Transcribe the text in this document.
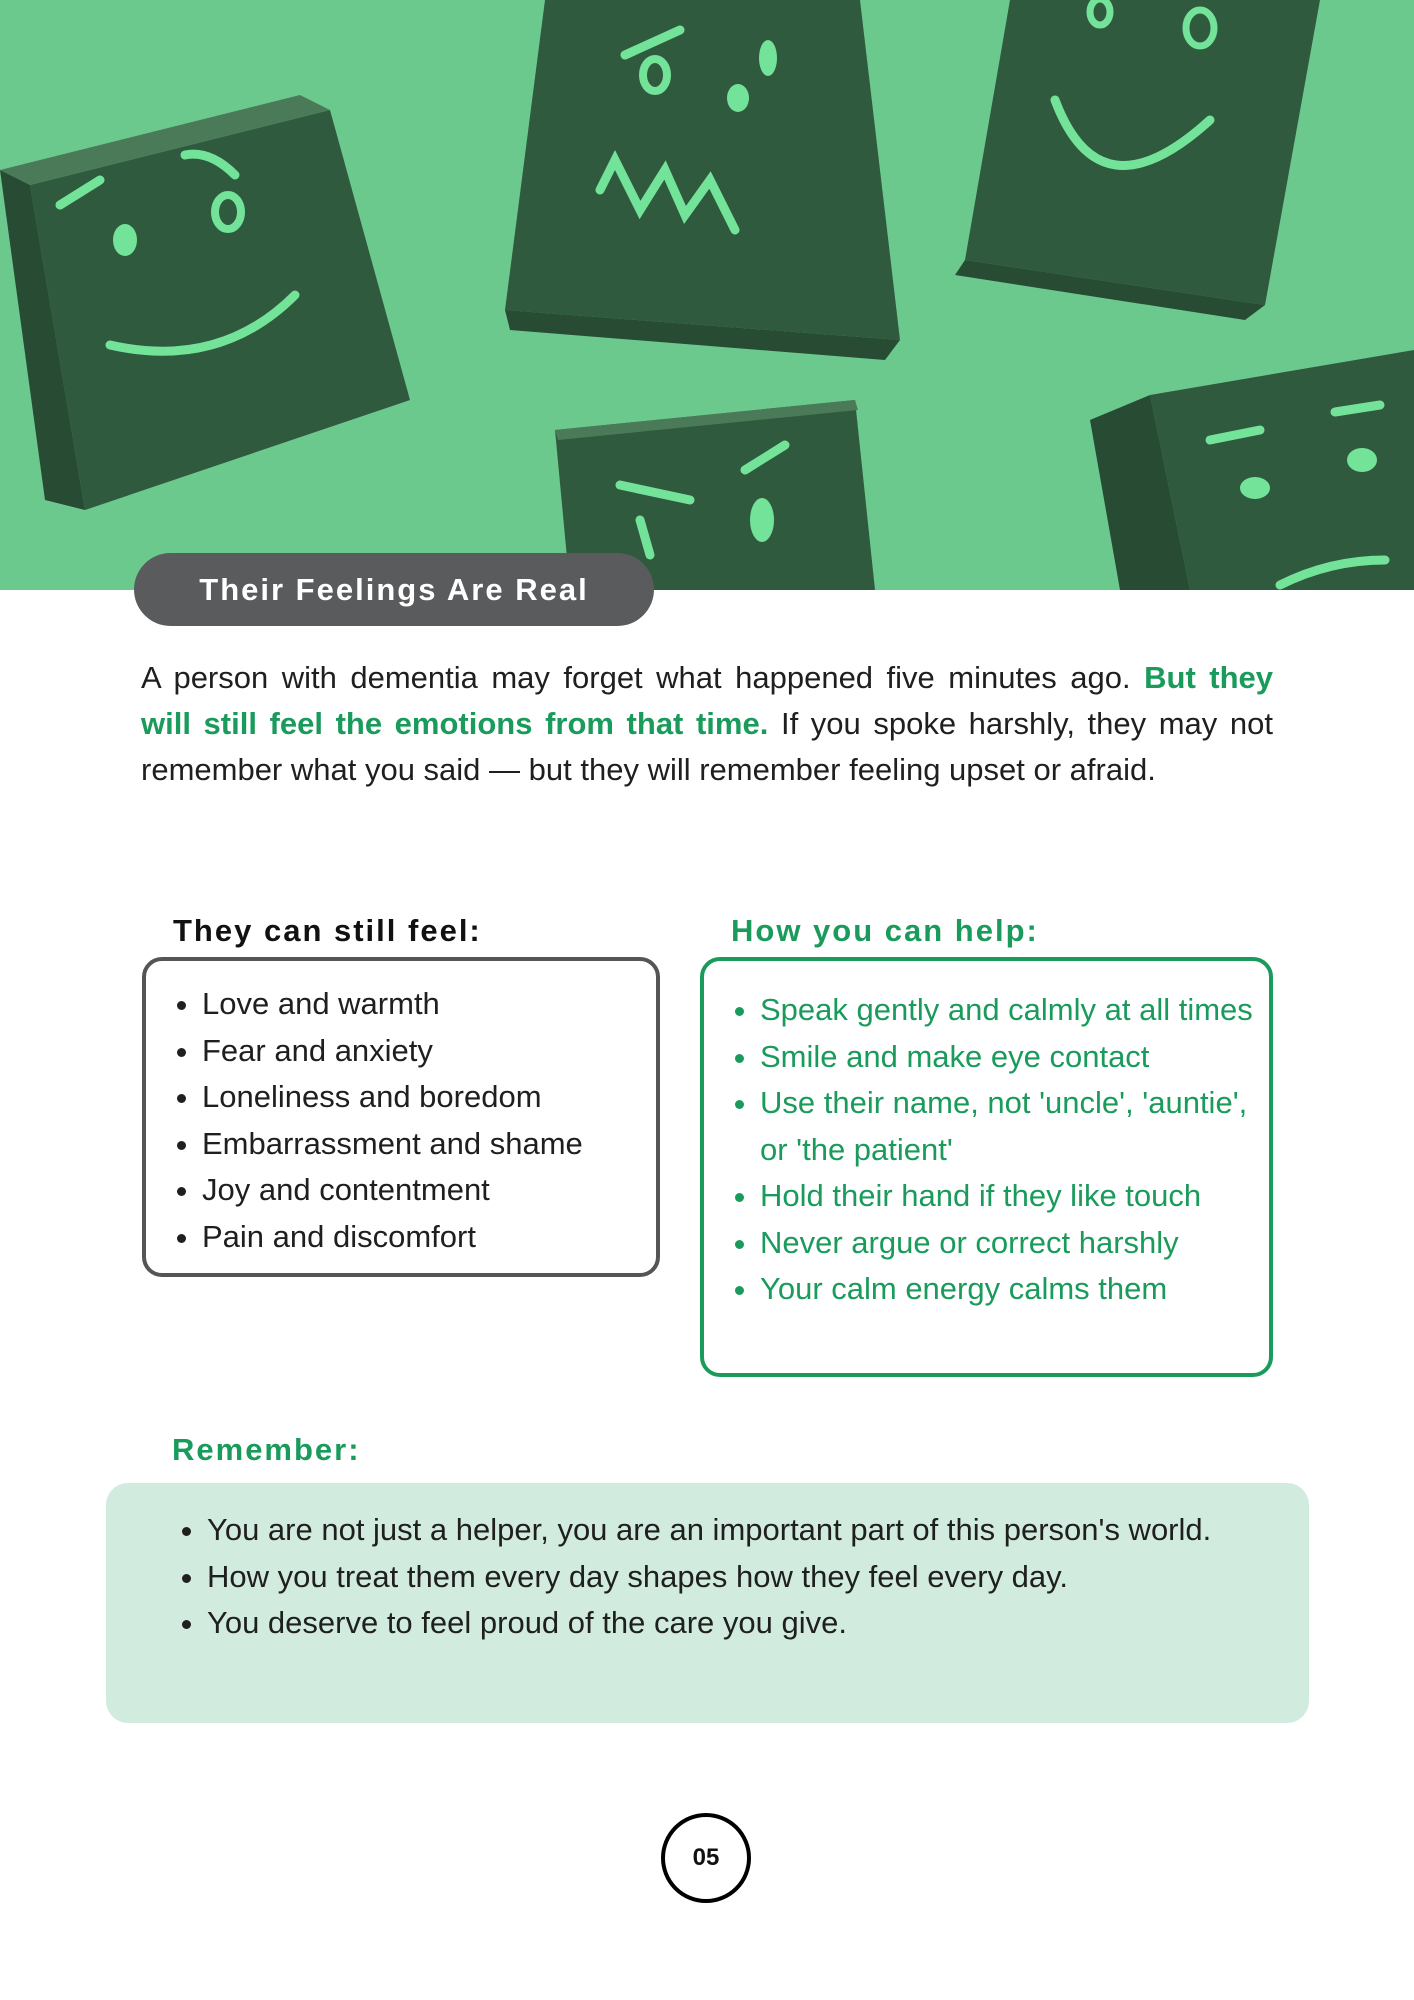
Their Feelings Are Real

A person with dementia may forget what happened five minutes ago. But they will still feel the emotions from that time. If you spoke harshly, they may not remember what you said — but they will remember feeling upset or afraid.

They can still feel:
• Love and warmth
• Fear and anxiety
• Loneliness and boredom
• Embarrassment and shame
• Joy and contentment
• Pain and discomfort
How you can help:
• Speak gently and calmly at all times
• Smile and make eye contact
• Use their name, not 'uncle', 'auntie', or 'the patient'
• Hold their hand if they like touch
• Never argue or correct harshly
• Your calm energy calms them
Remember:
• You are not just a helper, you are an important part of this person's world.
• How you treat them every day shapes how they feel every day.
• You deserve to feel proud of the care you give.
05
